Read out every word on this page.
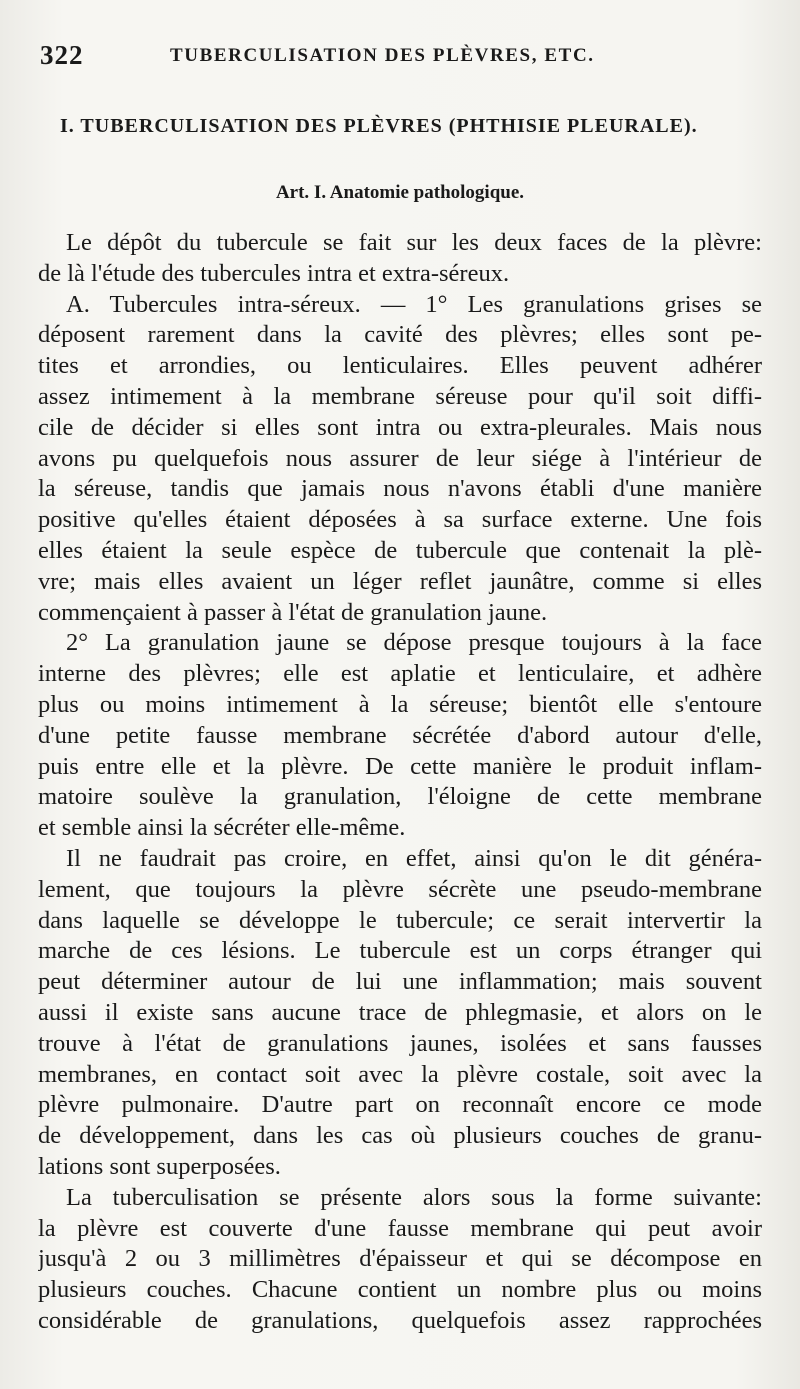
322	TUBERCULISATION DES PLÈVRES, ETC.
I. TUBERCULISATION DES PLÈVRES (PHTHISIE PLEURALE).
Art. I. Anatomie pathologique.
Le dépôt du tubercule se fait sur les deux faces de la plèvre:
de là l'étude des tubercules intra et extra-séreux.
A. Tubercules intra-séreux. — 1° Les granulations grises se
déposent rarement dans la cavité des plèvres; elles sont pe-
tites et arrondies, ou lenticulaires. Elles peuvent adhérer
assez intimement à la membrane séreuse pour qu'il soit diffi-
cile de décider si elles sont intra ou extra-pleurales. Mais nous
avons pu quelquefois nous assurer de leur siége à l'intérieur de
la séreuse, tandis que jamais nous n'avons établi d'une manière
positive qu'elles étaient déposées à sa surface externe. Une fois
elles étaient la seule espèce de tubercule que contenait la plè-
vre; mais elles avaient un léger reflet jaunâtre, comme si elles
commençaient à passer à l'état de granulation jaune.
2° La granulation jaune se dépose presque toujours à la face
interne des plèvres; elle est aplatie et lenticulaire, et adhère
plus ou moins intimement à la séreuse; bientôt elle s'entoure
d'une petite fausse membrane sécrétée d'abord autour d'elle,
puis entre elle et la plèvre. De cette manière le produit inflam-
matoire soulève la granulation, l'éloigne de cette membrane
et semble ainsi la sécréter elle-même.
Il ne faudrait pas croire, en effet, ainsi qu'on le dit généra-
lement, que toujours la plèvre sécrète une pseudo-membrane
dans laquelle se développe le tubercule; ce serait intervertir la
marche de ces lésions. Le tubercule est un corps étranger qui
peut déterminer autour de lui une inflammation; mais souvent
aussi il existe sans aucune trace de phlegmasie, et alors on le
trouve à l'état de granulations jaunes, isolées et sans fausses
membranes, en contact soit avec la plèvre costale, soit avec la
plèvre pulmonaire. D'autre part on reconnaît encore ce mode
de développement, dans les cas où plusieurs couches de granu-
lations sont superposées.
La tuberculisation se présente alors sous la forme suivante:
la plèvre est couverte d'une fausse membrane qui peut avoir
jusqu'à 2 ou 3 millimètres d'épaisseur et qui se décompose en
plusieurs couches. Chacune contient un nombre plus ou moins
considérable de granulations, quelquefois assez rapprochées
